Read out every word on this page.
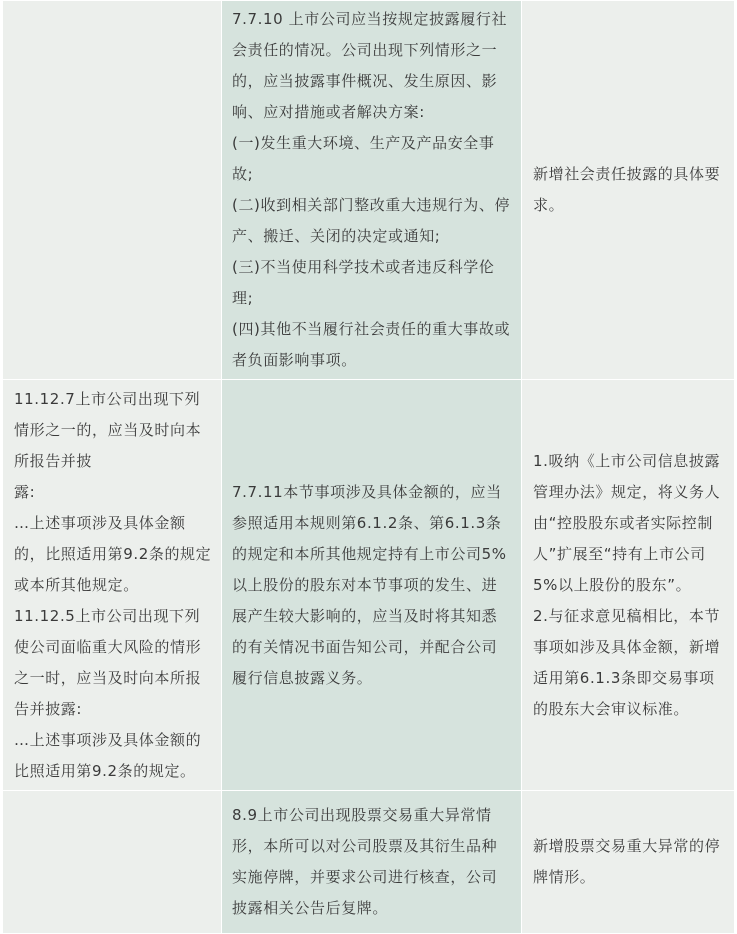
	7.7.10 上市公司应当按规定披露履行社会责任的情况。公司出现下列情形之一的，应当披露事件概况、发生原因、影响、应对措施或者解决方案:
(一)发生重大环境、生产及产品安全事故;
(二)收到相关部门整改重大违规行为、停产、搬迁、关闭的决定或通知;
(三)不当使用科学技术或者违反科学伦理;
(四)其他不当履行社会责任的重大事故或者负面影响事项。	新增社会责任披露的具体要求。

11.12.7上市公司出现下列情形之一的，应当及时向本所报告并披
露:
…上述事项涉及具体金额的，比照适用第9.2条的规定或本所其他规定。
11.12.5上市公司出现下列使公司面临重大风险的情形之一时，应当及时向本所报告并披露:
…上述事项涉及具体金额的比照适用第9.2条的规定。	7.7.11本节事项涉及具体金额的，应当参照适用本规则第6.1.2条、第6.1.3条的规定和本所其他规定持有上市公司5%以上股份的股东对本节事项的发生、进展产生较大影响的，应当及时将其知悉的有关情况书面告知公司，并配合公司履行信息披露义务。	1.吸纳《上市公司信息披露管理办法》规定，将义务人由“控股股东或者实际控制人”扩展至“持有上市公司5%以上股份的股东”。
2.与征求意见稿相比，本节事项如涉及具体金额，新增适用第6.1.3条即交易事项的股东大会审议标准。

	8.9上市公司出现股票交易重大异常情形，本所可以对公司股票及其衍生品种实施停牌，并要求公司进行核查，公司披露相关公告后复牌。	新增股票交易重大异常的停牌情形。
